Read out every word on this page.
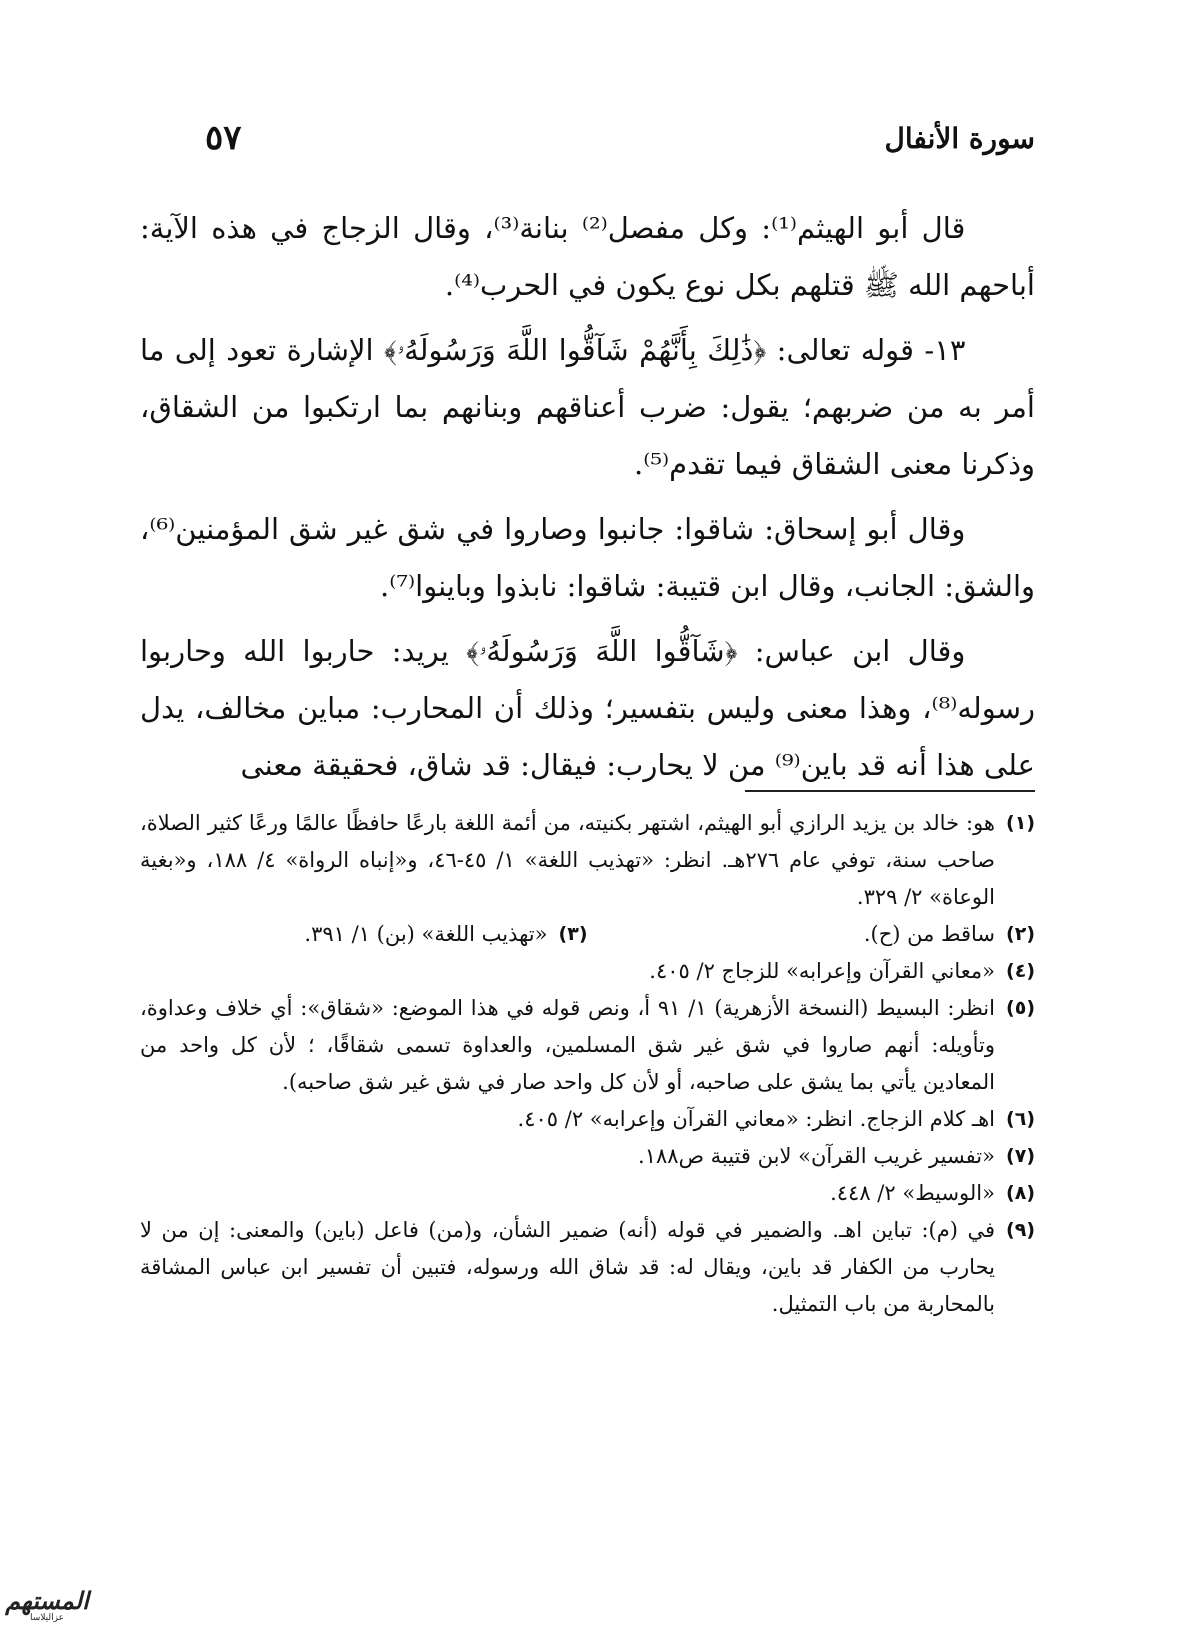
٥٧	سورة الأنفال

قال أبو الهيثم⁽¹⁾: وكل مفصل⁽²⁾ بنانة⁽³⁾، وقال الزجاج في هذه الآية: أباحهم الله ﷺ قتلهم بكل نوع يكون في الحرب⁽⁴⁾.

١٣- قوله تعالى: ﴿ذَٰلِكَ بِأَنَّهُمْ شَآقُّوا اللَّهَ وَرَسُولَهُۥ﴾ الإشارة تعود إلى ما أمر به من ضربهم؛ يقول: ضرب أعناقهم وبنانهم بما ارتكبوا من الشقاق، وذكرنا معنى الشقاق فيما تقدم⁽⁵⁾.

وقال أبو إسحاق: شاقوا: جانبوا وصاروا في شق غير شق المؤمنين⁽⁶⁾، والشق: الجانب، وقال ابن قتيبة: شاقوا: نابذوا وباينوا⁽⁷⁾.

وقال ابن عباس: ﴿شَآقُّوا اللَّهَ وَرَسُولَهُۥ﴾ يريد: حاربوا الله وحاربوا رسوله⁽⁸⁾، وهذا معنى وليس بتفسير؛ وذلك أن المحارب: مباين مخالف، يدل على هذا أنه قد باين⁽⁹⁾ من لا يحارب: فيقال: قد شاق، فحقيقة معنى

(١)
هو: خالد بن يزيد الرازي أبو الهيثم، اشتهر بكنيته، من أئمة اللغة بارعًا حافظًا عالمًا ورعًا كثير الصلاة، صاحب سنة، توفي عام ٢٧٦هـ. انظر: «تهذيب اللغة» ١/ ٤٥-٤٦، و«إنباه الرواة» ٤/ ١٨٨، و«بغية الوعاة» ٢/ ٣٢٩.
(٢)
ساقط من (ح).
(٣)
«تهذيب اللغة» (بن) ١/ ٣٩١.
(٤)
«معاني القرآن وإعرابه» للزجاج ٢/ ٤٠٥.
(٥)
انظر: البسيط (النسخة الأزهرية) ١/ ٩١ أ، ونص قوله في هذا الموضع: «شقاق»: أي خلاف وعداوة، وتأويله: أنهم صاروا في شق غير شق المسلمين، والعداوة تسمى شقاقًا، ؛ لأن كل واحد من المعادين يأتي بما يشق على صاحبه، أو لأن كل واحد صار في شق غير شق صاحبه).
(٦)
اهـ كلام الزجاج. انظر: «معاني القرآن وإعرابه» ٢/ ٤٠٥.
(٧)
«تفسير غريب القرآن» لابن قتيبة ص١٨٨.
(٨)
«الوسيط» ٢/ ٤٤٨.
(٩)
في (م): تباين اهـ. والضمير في قوله (أنه) ضمير الشأن، و(من) فاعل (باين) والمعنى: إن من لا يحارب من الكفار قد باين، ويقال له: قد شاق الله ورسوله، فتبين أن تفسير ابن عباس المشاقة بالمحاربة من باب التمثيل.
المستهم
عزاليلاسا
